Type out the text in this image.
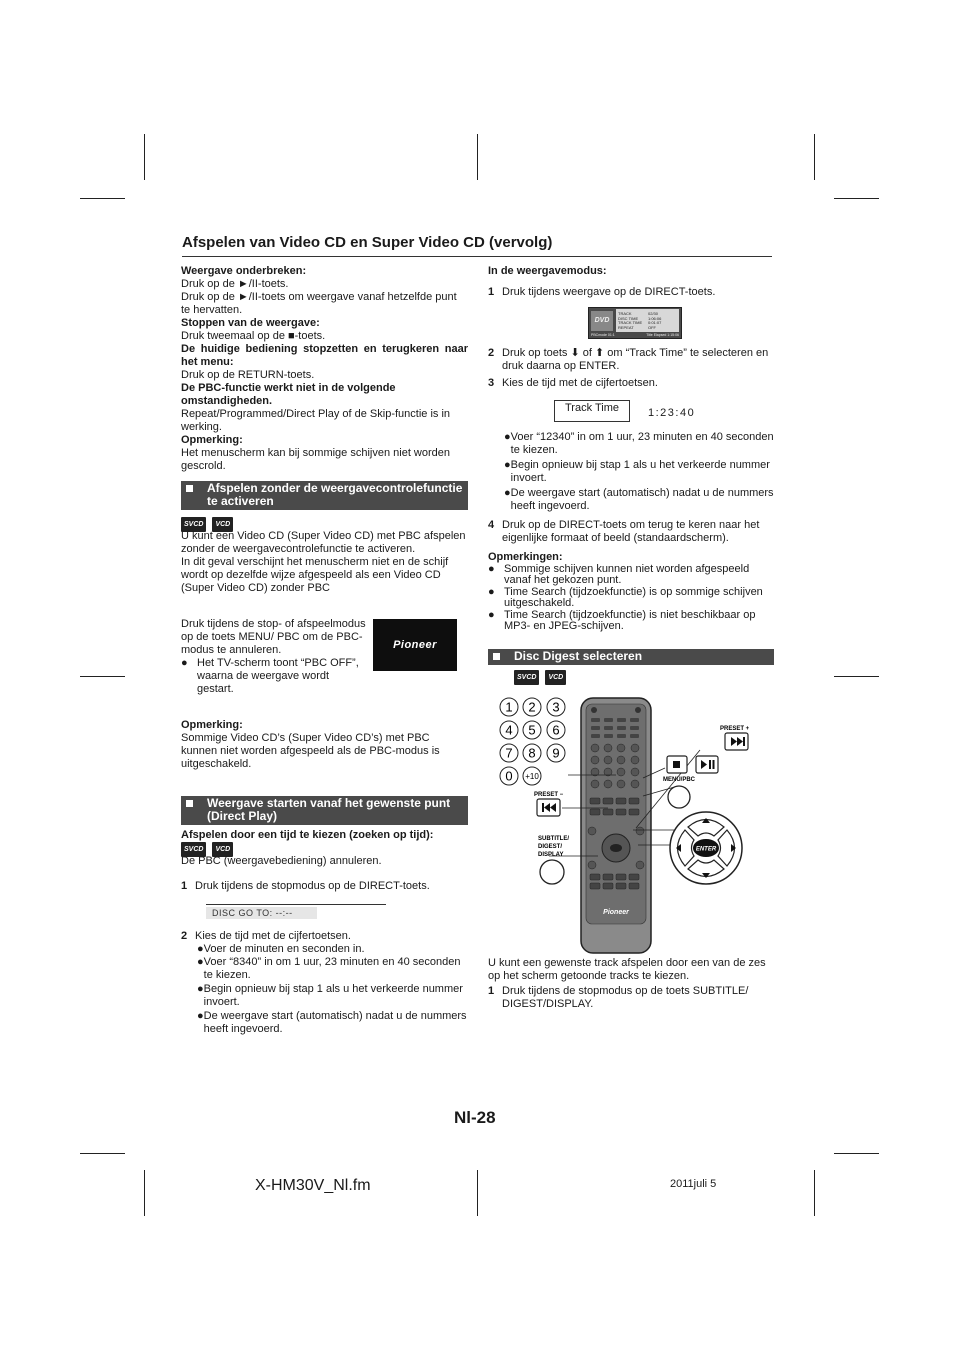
Afspelen van Video CD en Super Video CD (vervolg)

Weergave onderbreken:

Druk op de ►/II-toets.

Druk op de ►/II-toets om weergave vanaf hetzelfde punt te hervatten.

Stoppen van de weergave:

Druk tweemaal op de ■-toets.

De huidige bediening stopzetten en terugkeren naar het menu:

Druk op de RETURN-toets.

De PBC-functie werkt niet in de volgende omstandigheden.

Repeat/Programmed/Direct Play of de Skip-functie is in werking.

Opmerking:

Het menuscherm kan bij sommige schijven niet worden gescrold.

Afspelen zonder de weergavecontrolefunctie te activeren
SVCD VCD

U kunt een Video CD (Super Video CD) met PBC afspelen zonder de weergavecontrolefunctie te activeren.

In dit geval verschijnt het menuscherm niet en de schijf wordt op dezelfde wijze afgespeeld als een Video CD (Super Video CD) zonder PBC

Druk tijdens de stop- of afspeelmodus op de toets MENU/ PBC om de PBC-modus te annuleren.

● Het TV-scherm toont “PBC OFF”, waarna de weergave wordt gestart.
Pioneer

Opmerking:

Sommige Video CD’s (Super Video CD’s) met PBC kunnen niet worden afgespeeld als de PBC-modus is uitgeschakeld.

Weergave starten vanaf het gewenste punt (Direct Play)

Afspelen door een tijd te kiezen (zoeken op tijd):

SVCD VCD

De PBC (weergavebediening) annuleren.

1 Druk tijdens de stopmodus op de DIRECT-toets.
DISC GO TO: --:--
2 Kies de tijd met de cijfertoetsen.
● Voer de minuten en seconden in.
● Voer “8340” in om 1 uur, 23 minuten en 40 seconden te kiezen.
● Begin opnieuw bij stap 1 als u het verkeerde nummer invoert.
● De weergave start (automatisch) nadat u de nummers heeft ingevoerd.

In de weergavemodus:

1 Druk tijdens weergave op de DIRECT-toets.
DVD
TRACK	02/30
DISC TIME	1:06:06
TRACK TIME	0:01:07
REPEAT	OFF
PBCmode 01:1	Title Elapsed 1:15:06
2 Druk op toets ⬇ of ⬆ om “Track Time” te selecteren en druk daarna op ENTER.
3 Kies de tijd met de cijfertoetsen.
Track Time	1:23:40
● Voer “12340” in om 1 uur, 23 minuten en 40 seconden te kiezen.
● Begin opnieuw bij stap 1 als u het verkeerde nummer invoert.
● De weergave start (automatisch) nadat u de nummers heeft ingevoerd.
4 Druk op de DIRECT-toets om terug te keren naar het eigenlijke formaat of beeld (standaardscherm).

Opmerkingen:

● Sommige schijven kunnen niet worden afgespeeld vanaf het gekozen punt.
● Time Search (tijdzoekfunctie) is op sommige schijven uitgeschakeld.
● Time Search (tijdzoekfunctie) is niet beschikbaar op MP3- en JPEG-schijven.
Disc Digest selecteren
SVCD VCD
Pioneer
1 2 3
4 5 6
7 8 9
0 +10
PRESET +
PRESET −
MENU/PBC
SUBTITLE/ DIGEST/ DISPLAY
ENTER

U kunt een gewenste track afspelen door een van de zes op het scherm getoonde tracks te kiezen.

1 Druk tijdens de stopmodus op de toets SUBTITLE/ DIGEST/DISPLAY.
Nl-28
X-HM30V_Nl.fm	2011juli 5
